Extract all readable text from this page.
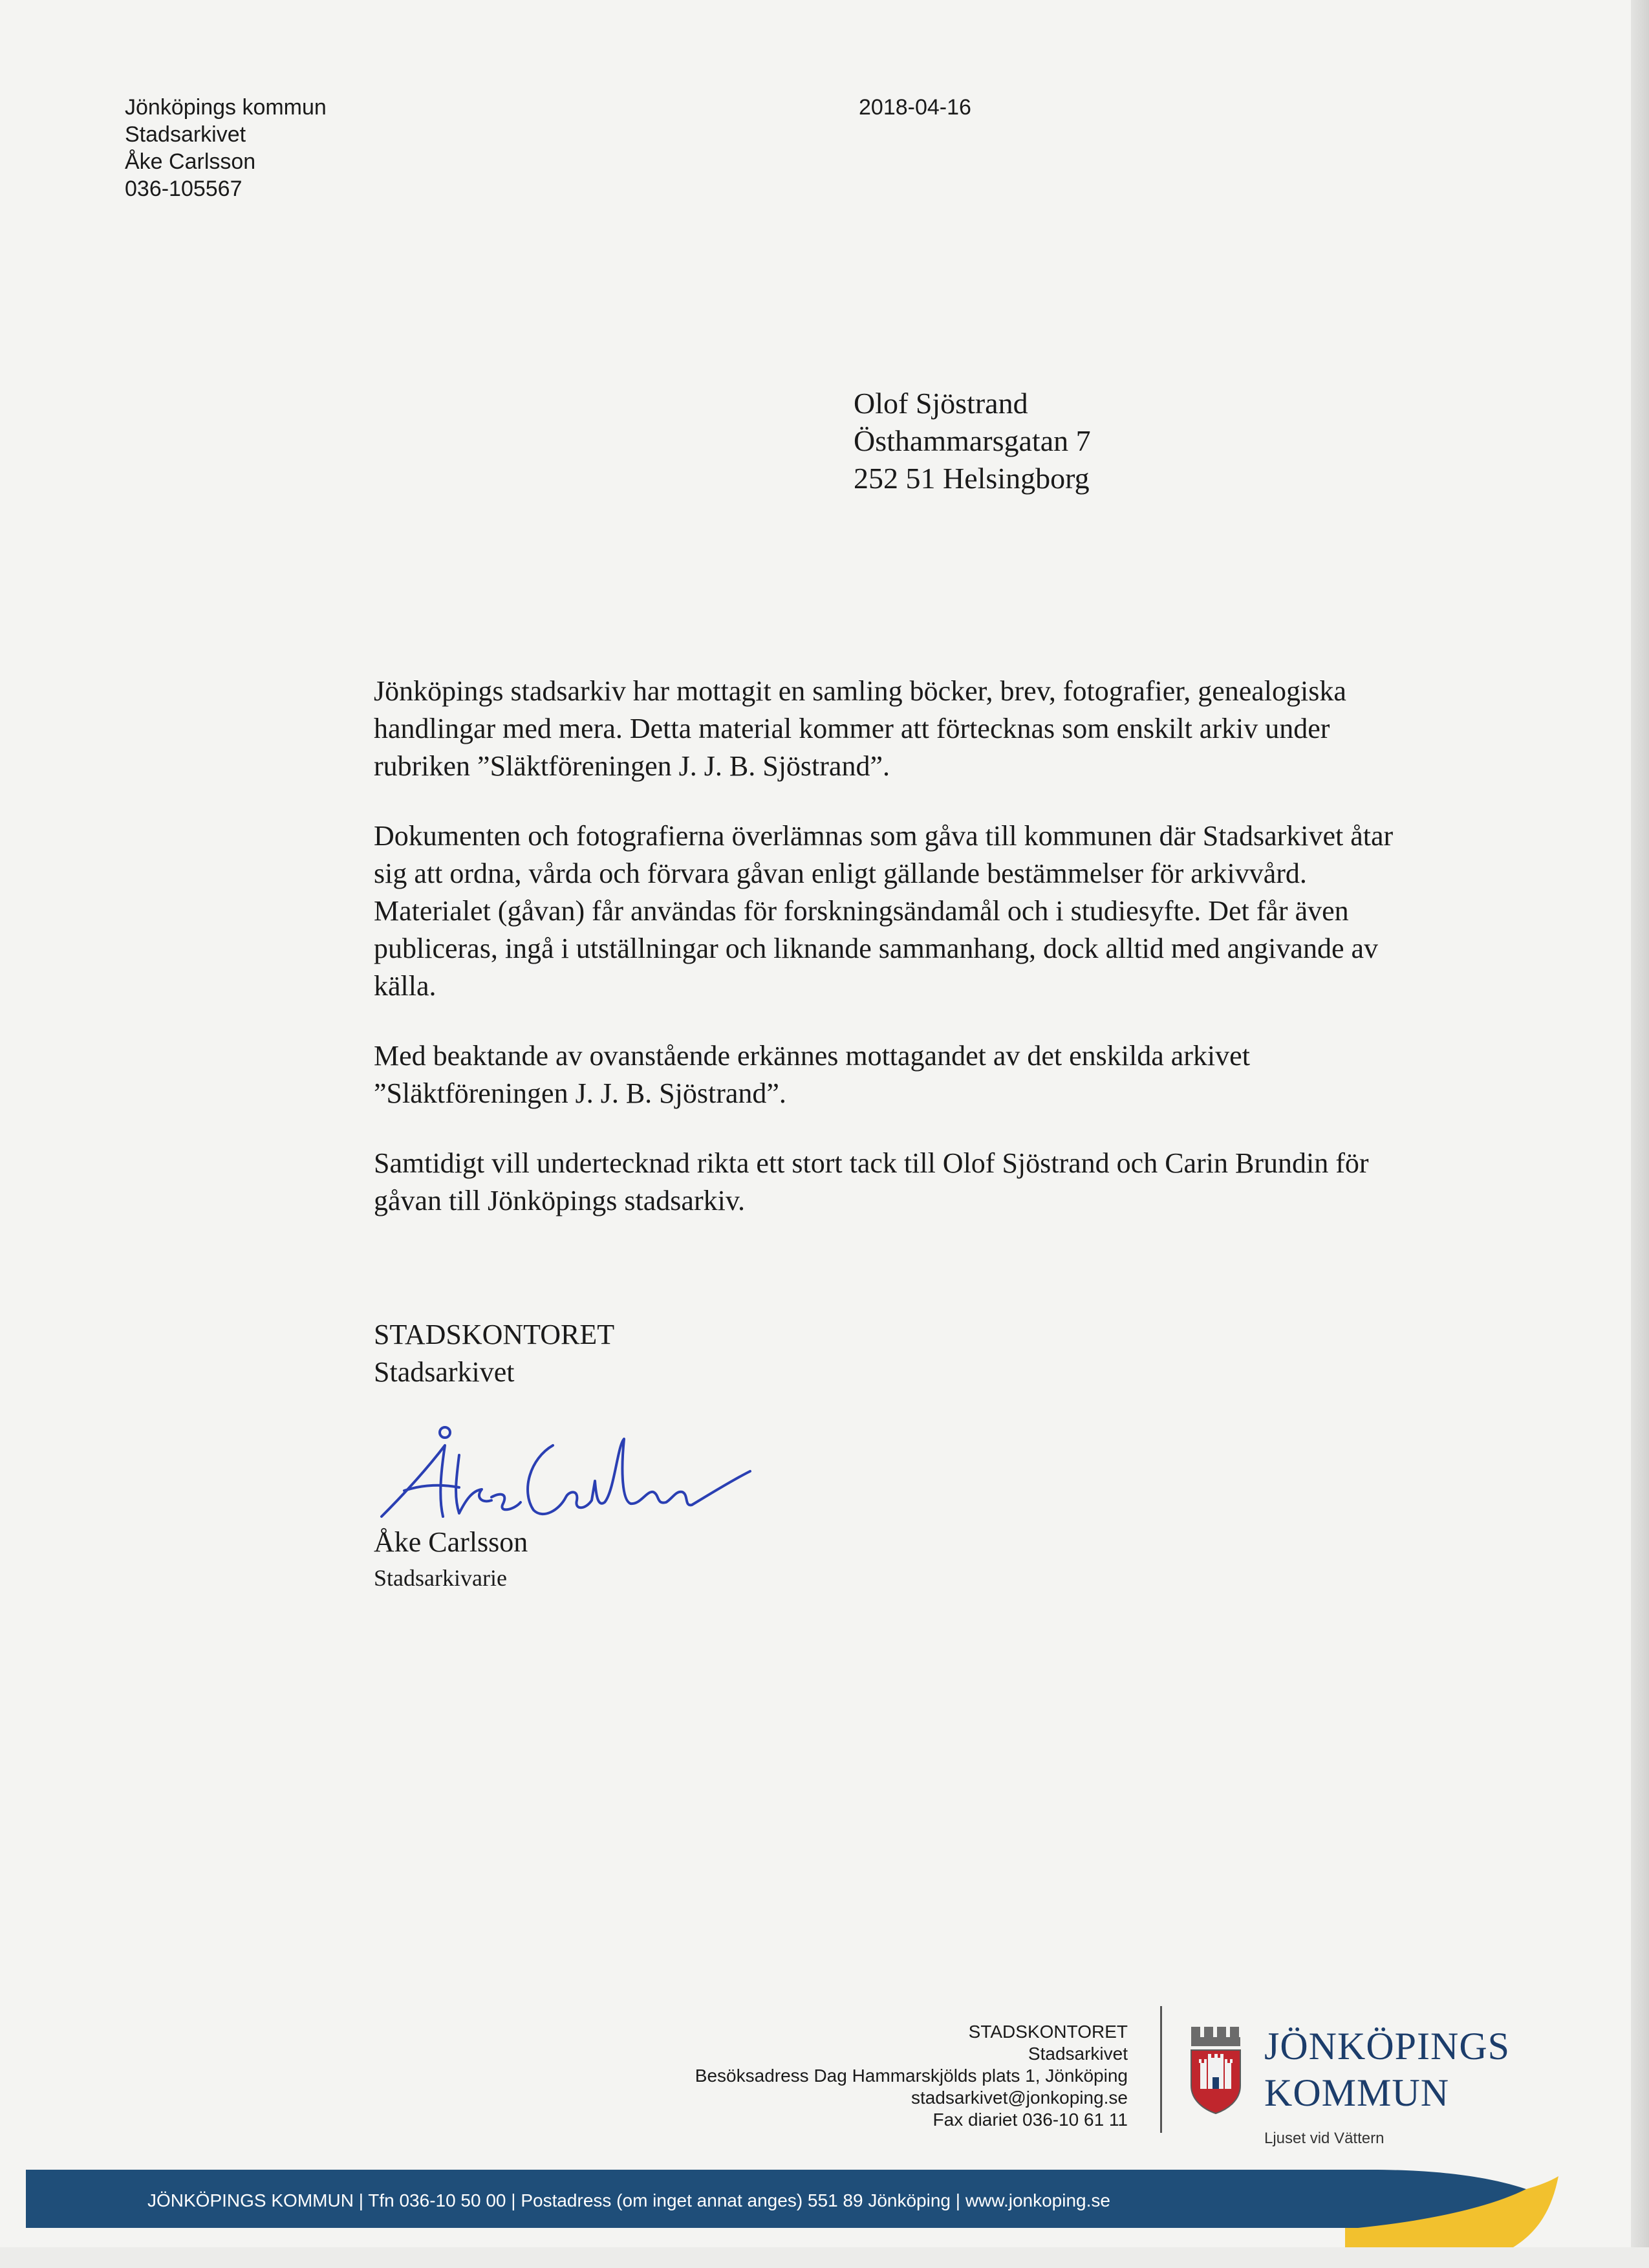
Jönköpings kommun
Stadsarkivet
Åke Carlsson
036-105567
2018-04-16
Olof Sjöstrand
Östhammarsgatan 7
252 51 Helsingborg

Jönköpings stadsarkiv har mottagit en samling böcker, brev, fotografier, genealogiska handlingar med mera. Detta material kommer att förtecknas som enskilt arkiv under rubriken ”Släktföreningen J. J. B. Sjöstrand”.

Dokumenten och fotografierna överlämnas som gåva till kommunen där Stadsarkivet åtar sig att ordna, vårda och förvara gåvan enligt gällande bestämmelser för arkivvård. Materialet (gåvan) får användas för forskningsändamål och i studiesyfte. Det får även publiceras, ingå i utställningar och liknande sammanhang, dock alltid med angivande av källa.

Med beaktande av ovanstående erkännes mottagandet av det enskilda arkivet ”Släktföreningen J. J. B. Sjöstrand”.

Samtidigt vill undertecknad rikta ett stort tack till Olof Sjöstrand och Carin Brundin för gåvan till Jönköpings stadsarkiv.

STADSKONTORET
Stadsarkivet
Åke Carlsson
Stadsarkivarie
STADSKONTORET
Stadsarkivet
Besöksadress Dag Hammarskjölds plats 1, Jönköping
stadsarkivet@jonkoping.se
Fax diariet 036-10 61 11
JÖNKÖPINGS
KOMMUN
Ljuset vid Vättern
JÖNKÖPINGS KOMMUN | Tfn 036-10 50 00 | Postadress (om inget annat anges) 551 89 Jönköping | www.jonkoping.se
